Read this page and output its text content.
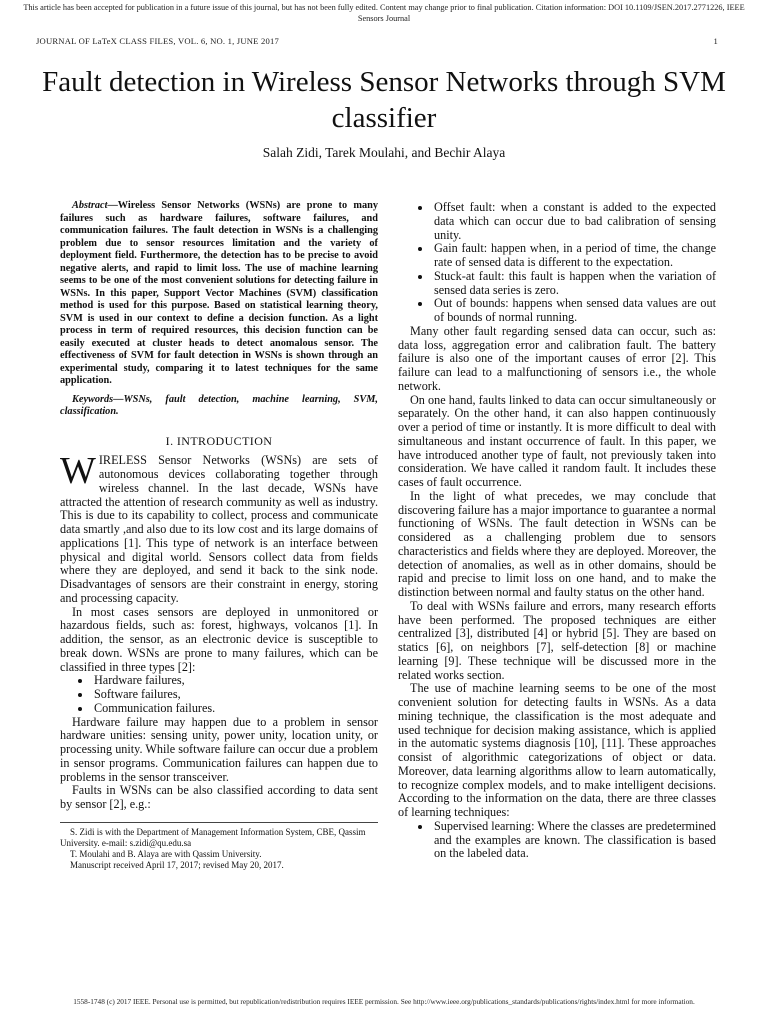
This article has been accepted for publication in a future issue of this journal, but has not been fully edited. Content may change prior to final publication. Citation information: DOI 10.1109/JSEN.2017.2771226, IEEE Sensors Journal
JOURNAL OF LaTeX CLASS FILES, VOL. 6, NO. 1, JUNE 2017	1
Fault detection in Wireless Sensor Networks through SVM classifier
Salah Zidi, Tarek Moulahi, and Bechir Alaya

Abstract—Wireless Sensor Networks (WSNs) are prone to many failures such as hardware failures, software failures, and communication failures. The fault detection in WSNs is a challenging problem due to sensor resources limitation and the variety of deployment field. Furthermore, the detection has to be precise to avoid negative alerts, and rapid to limit loss. The use of machine learning seems to be one of the most convenient solutions for detecting failure in WSNs. In this paper, Support Vector Machines (SVM) classification method is used for this purpose. Based on statistical learning theory, SVM is used in our context to define a decision function. As a light process in term of required resources, this decision function can be easily executed at cluster heads to detect anomalous sensor. The effectiveness of SVM for fault detection in WSNs is shown through an experimental study, comparing it to latest techniques for the same application.

Keywords—WSNs, fault detection, machine learning, SVM, classification.

I. INTRODUCTION

WIRELESS Sensor Networks (WSNs) are sets of autonomous devices collaborating together through wireless channel. In the last decade, WSNs have attracted the attention of research community as well as industry. This is due to its capability to collect, process and communicate data smartly ,and also due to its low cost and its large domains of applications [1]. This type of network is an interface between physical and digital world. Sensors collect data from fields where they are deployed, and send it back to the sink node. Disadvantages of sensors are their constraint in energy, storing and processing capacity.

In most cases sensors are deployed in unmonitored or hazardous fields, such as: forest, highways, volcanos [1]. In addition, the sensor, as an electronic device is susceptible to break down. WSNs are prone to many failures, which can be classified in three types [2]:

• Hardware failures,
• Software failures,
• Communication failures.

Hardware failure may happen due to a problem in sensor hardware unities: sensing unity, power unity, location unity, or processing unity. While software failure can occur due a problem in sensor programs. Communication failures can happen due to problems in the sensor transceiver.

Faults in WSNs can be also classified according to data sent by sensor [2], e.g.:

S. Zidi is with the Department of Management Information System, CBE, Qassim University. e-mail: s.zidi@qu.edu.sa
T. Moulahi and B. Alaya are with Qassim University.
Manuscript received April 17, 2017; revised May 20, 2017.
• Offset fault: when a constant is added to the expected data which can occur due to bad calibration of sensing unity.
• Gain fault: happen when, in a period of time, the change rate of sensed data is different to the expectation.
• Stuck-at fault: this fault is happen when the variation of sensed data series is zero.
• Out of bounds: happens when sensed data values are out of bounds of normal running.

Many other fault regarding sensed data can occur, such as: data loss, aggregation error and calibration fault. The battery failure is also one of the important causes of error [2]. This failure can lead to a malfunctioning of sensors i.e., the whole network.

On one hand, faults linked to data can occur simultaneously or separately. On the other hand, it can also happen continuously over a period of time or instantly. It is more difficult to deal with simultaneous and instant occurrence of fault. In this paper, we have introduced another type of fault, not previously taken into consideration. We have called it random fault. It includes these cases of fault occurrence.

In the light of what precedes, we may conclude that discovering failure has a major importance to guarantee a normal functioning of WSNs. The fault detection in WSNs can be considered as a challenging problem due to sensors characteristics and fields where they are deployed. Moreover, the detection of anomalies, as well as in other domains, should be rapid and precise to limit loss on one hand, and to make the distinction between normal and faulty status on the other hand.

To deal with WSNs failure and errors, many research efforts have been performed. The proposed techniques are either centralized [3], distributed [4] or hybrid [5]. They are based on statics [6], on neighbors [7], self-detection [8] or machine learning [9]. These technique will be discussed more in the related works section.

The use of machine learning seems to be one of the most convenient solution for detecting faults in WSNs. As a data mining technique, the classification is the most adequate and used technique for decision making assistance, which is applied in the automatic systems diagnosis [10], [11]. These approaches consist of algorithmic categorizations of object or data. Moreover, data learning algorithms allow to learn automatically, to recognize complex models, and to make intelligent decisions. According to the information on the data, there are three classes of learning techniques:

• Supervised learning: Where the classes are predetermined and the examples are known. The classification is based on the labeled data.
1558-1748 (c) 2017 IEEE. Personal use is permitted, but republication/redistribution requires IEEE permission. See http://www.ieee.org/publications_standards/publications/rights/index.html for more information.
